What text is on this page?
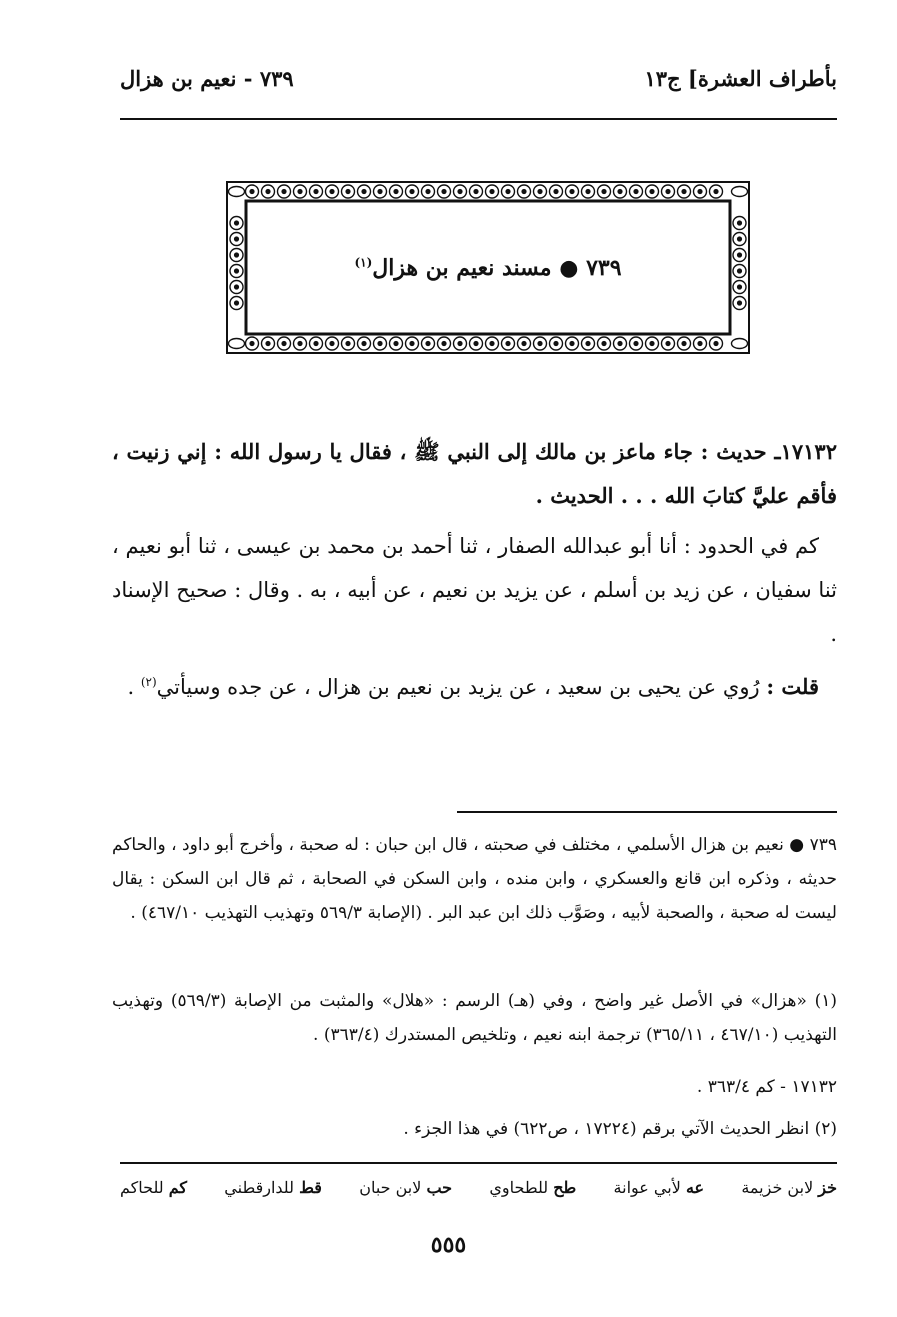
بأطراف العشرة] ج١٣
٧٣٩ - نعيم بن هزال
٧٣٩ ● مسند نعيم بن هزال$^{(١)}$
١٧١٣٢ـ حديث : جاء ماعز بن مالك إلى النبي ﷺ ، فقال يا رسول الله : إني زنيت ، فأقم عليَّ كتابَ الله . . . الحديث .
كم في الحدود : أنا أبو عبدالله الصفار ، ثنا أحمد بن محمد بن عيسى ، ثنا أبو نعيم ، ثنا سفيان ، عن زيد بن أسلم ، عن يزيد بن نعيم ، عن أبيه ، به . وقال : صحيح الإسناد .
قلت : رُوي عن يحيى بن سعيد ، عن يزيد بن نعيم بن هزال ، عن جده وسيأتي$^{(٢)}$ .
٧٣٩ ● نعيم بن هزال الأسلمي ، مختلف في صحبته ، قال ابن حبان : له صحبة ، وأخرج أبو داود ، والحاكم حديثه ، وذكره ابن قانع والعسكري ، وابن منده ، وابن السكن في الصحابة ، ثم قال ابن السكن : يقال ليست له صحبة ، والصحبة لأبيه ، وصَوَّب ذلك ابن عبد البر . (الإصابة ٥٦٩/٣ وتهذيب التهذيب ٤٦٧/١٠) .
(١) «هزال» في الأصل غير واضح ، وفي (هـ) الرسم : «هلال» والمثبت من الإصابة (٥٦٩/٣) وتهذيب التهذيب (٤٦٧/١٠ ، ٣٦٥/١١) ترجمة ابنه نعيم ، وتلخيص المستدرك (٣٦٣/٤) .
١٧١٣٢ - كم ٣٦٣/٤ .
(٢) انظر الحديث الآتي برقم (١٧٢٢٤ ، ص٦٢٢) في هذا الجزء .
خز لابن خزيمة
عه لأبي عوانة
طح للطحاوي
حب لابن حبان
قط للدارقطني
كم للحاكم
٥٥٥
